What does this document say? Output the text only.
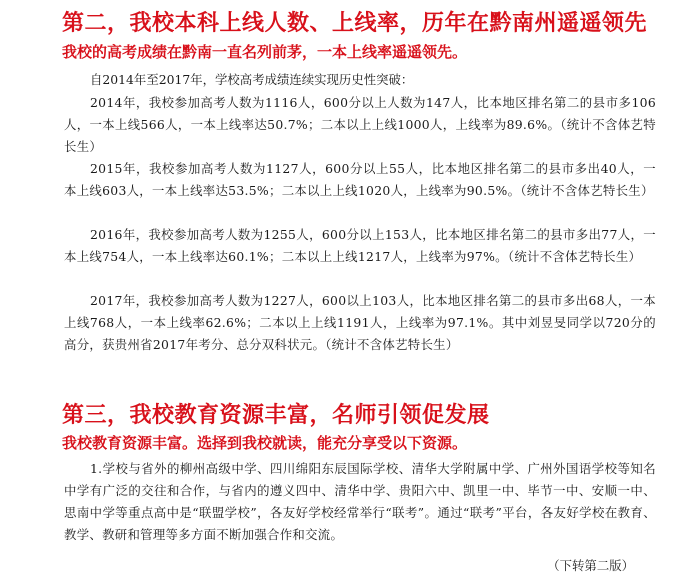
第二，我校本科上线人数、上线率，历年在黔南州遥遥领先
我校的高考成绩在黔南一直名列前茅，一本上线率遥遥领先。
自2014年至2017年，学校高考成绩连续实现历史性突破：
2014年，我校参加高考人数为1116人，600分以上人数为147人，比本地区排名第二的县市多106人，一本上线566人，一本上线率达50.7%；二本以上上线1000人，上线率为89.6%。（统计不含体艺特长生）
2015年，我校参加高考人数为1127人，600分以上55人，比本地区排名第二的县市多出40人，一本上线603人，一本上线率达53.5%；二本以上上线1020人，上线率为90.5%。（统计不含体艺特长生）
2016年，我校参加高考人数为1255人，600分以上153人，比本地区排名第二的县市多出77人，一本上线754人，一本上线率达60.1%；二本以上上线1217人，上线率为97%。（统计不含体艺特长生）
2017年，我校参加高考人数为1227人，600以上103人，比本地区排名第二的县市多出68人，一本上线768人，一本上线率62.6%；二本以上上线1191人，上线率为97.1%。其中刘昱旻同学以720分的高分，获贵州省2017年考分、总分双科状元。（统计不含体艺特长生）
第三，我校教育资源丰富，名师引领促发展
我校教育资源丰富。选择到我校就读，能充分享受以下资源。
1.学校与省外的柳州高级中学、四川绵阳东辰国际学校、清华大学附属中学、广州外国语学校等知名中学有广泛的交往和合作，与省内的遵义四中、清华中学、贵阳六中、凯里一中、毕节一中、安顺一中、思南中学等重点高中是“联盟学校”，各友好学校经常举行“联考”。通过“联考”平台，各友好学校在教育、教学、教研和管理等多方面不断加强合作和交流。
（下转第二版）
